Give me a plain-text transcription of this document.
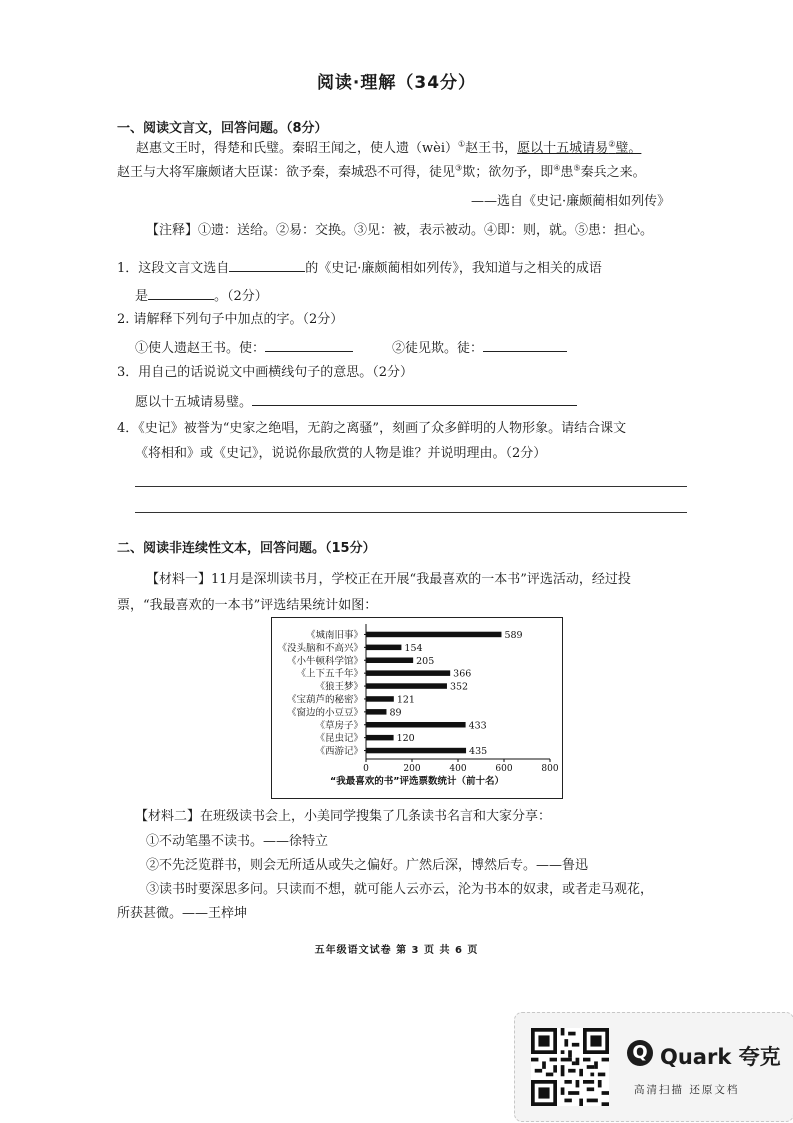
阅读·理解（34分）
一、阅读文言文，回答问题。（8分）
赵惠文王时，得楚和氏璧。秦昭王闻之，使人遗（wèi）①赵王书，愿以十五城请易②璧。
赵王与大将军廉颇诸大臣谋：欲予秦，秦城恐不可得，徒见③欺；欲勿予，即④患⑤秦兵之来。
——选自《史记·廉颇蔺相如列传》
【注释】①遗：送给。②易：交换。③见：被，表示被动。④即：则，就。⑤患：担心。
1．这段文言文选自	的《史记·廉颇蔺相如列传》，我知道与之相关的成语
是	。（2分）
2. 请解释下列句子中加点的字。（2分）
①使人遗赵王书。使：	②徒见欺。徒：
3．用自己的话说说文中画横线句子的意思。（2分）
愿以十五城请易璧。
4．《史记》被誉为“史家之绝唱，无韵之离骚”，刻画了众多鲜明的人物形象。请结合课文
《将相和》或《史记》，说说你最欣赏的人物是谁？并说明理由。（2分）
二、阅读非连续性文本，回答问题。（15分）
【材料一】11月是深圳读书月，学校正在开展“我最喜欢的一本书”评选活动，经过投
票，“我最喜欢的一本书”评选结果统计如图：
《城南旧事》	589
《没头脑和不高兴》	154
《小牛顿科学馆》	205
《上下五千年》	366
《狼王梦》	352
《宝葫芦的秘密》	121
《窗边的小豆豆》	89
《草房子》	433
《昆虫记》	120
《西游记》	435
0	200	400	600	800
“我最喜欢的书”评选票数统计（前十名）
【材料二】在班级读书会上，小美同学搜集了几条读书名言和大家分享：
①不动笔墨不读书。——徐特立
②不先泛览群书，则会无所适从或失之偏好。广然后深，博然后专。——鲁迅
③读书时要深思多问。只读而不想，就可能人云亦云，沦为书本的奴隶，或者走马观花，
所获甚微。——王梓坤
五年级语文试卷 第 3 页 共 6 页
Q Quark 夸克
高清扫描 还原文档
